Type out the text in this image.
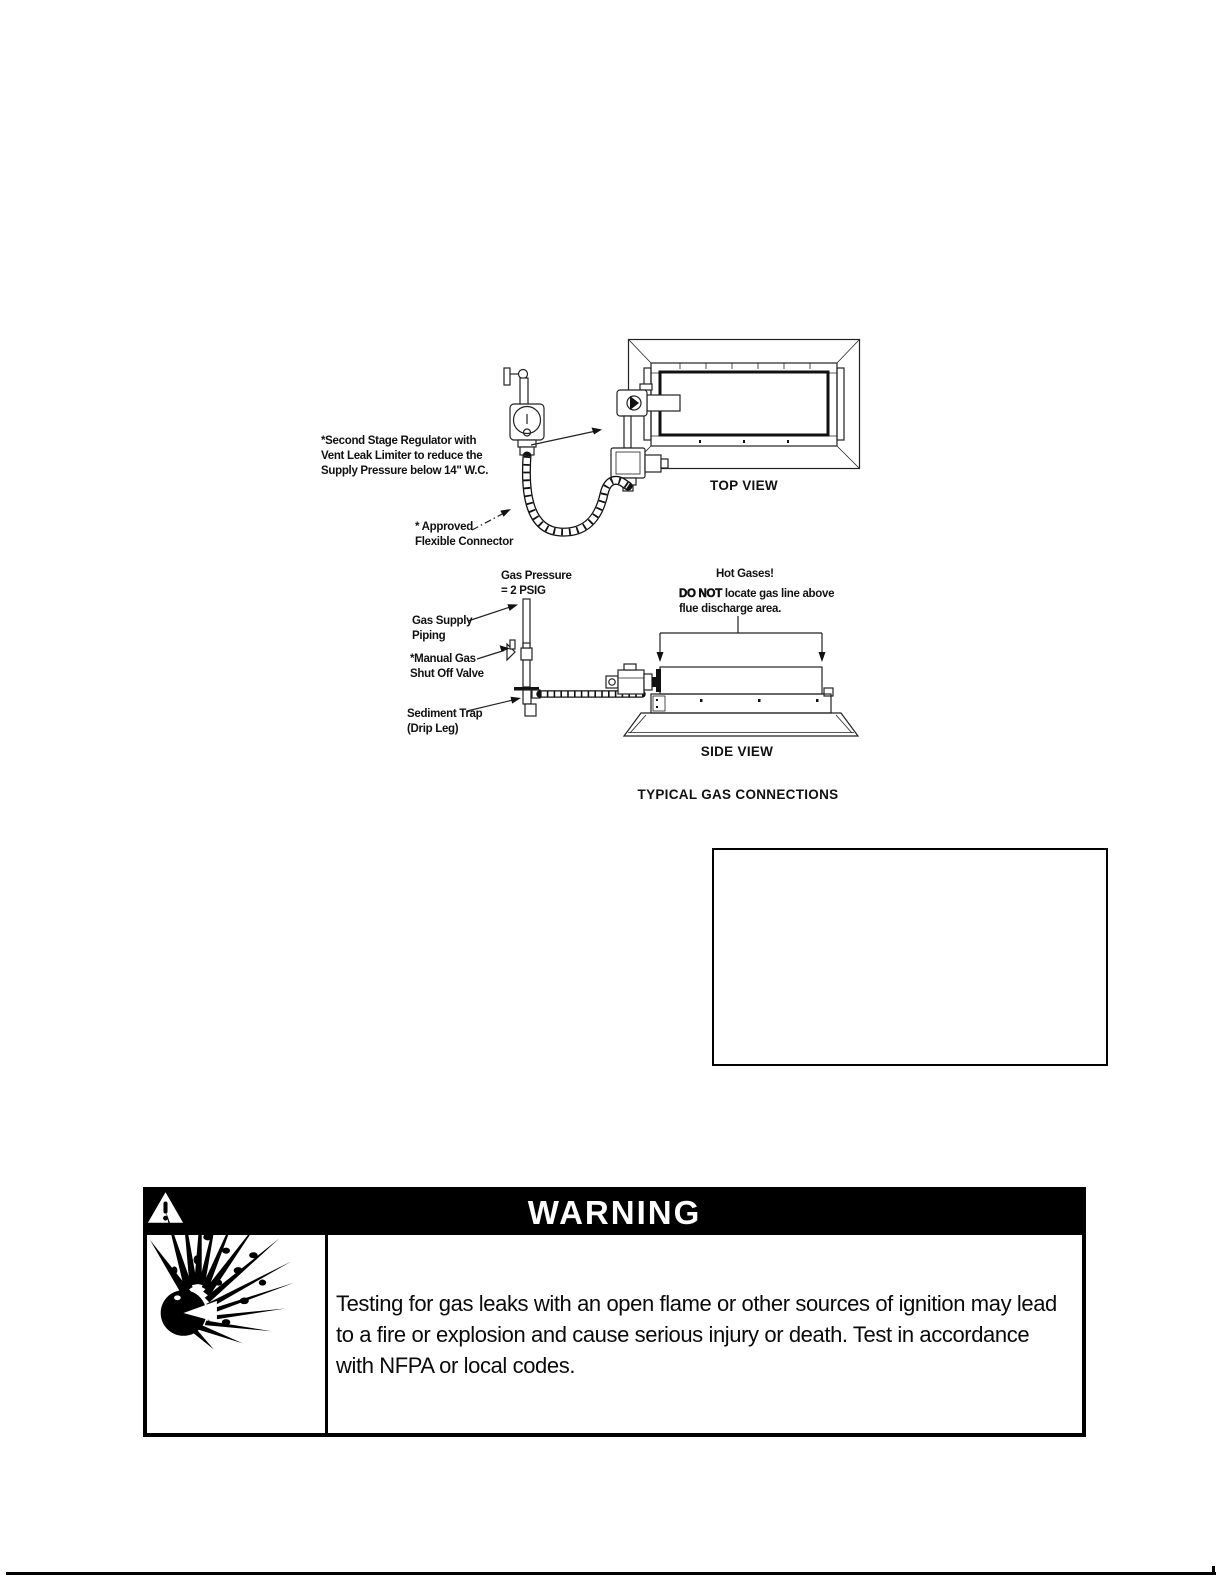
*Second Stage Regulator with
Vent Leak Limiter to reduce the
Supply Pressure below 14" W.C.
* Approved
Flexible Connector
TOP VIEW
Gas Pressure
= 2 PSIG
Gas Supply
Piping
*Manual Gas
Shut Off Valve
Sediment Trap
(Drip Leg)
Hot Gases!
DO NOT locate gas line above
flue discharge area.
SIDE VIEW
TYPICAL GAS CONNECTIONS
WARNING
Testing for gas leaks with an open flame or other sources of ignition may lead to a fire or explosion and cause serious injury or death. Test in accordance with NFPA or local codes.
